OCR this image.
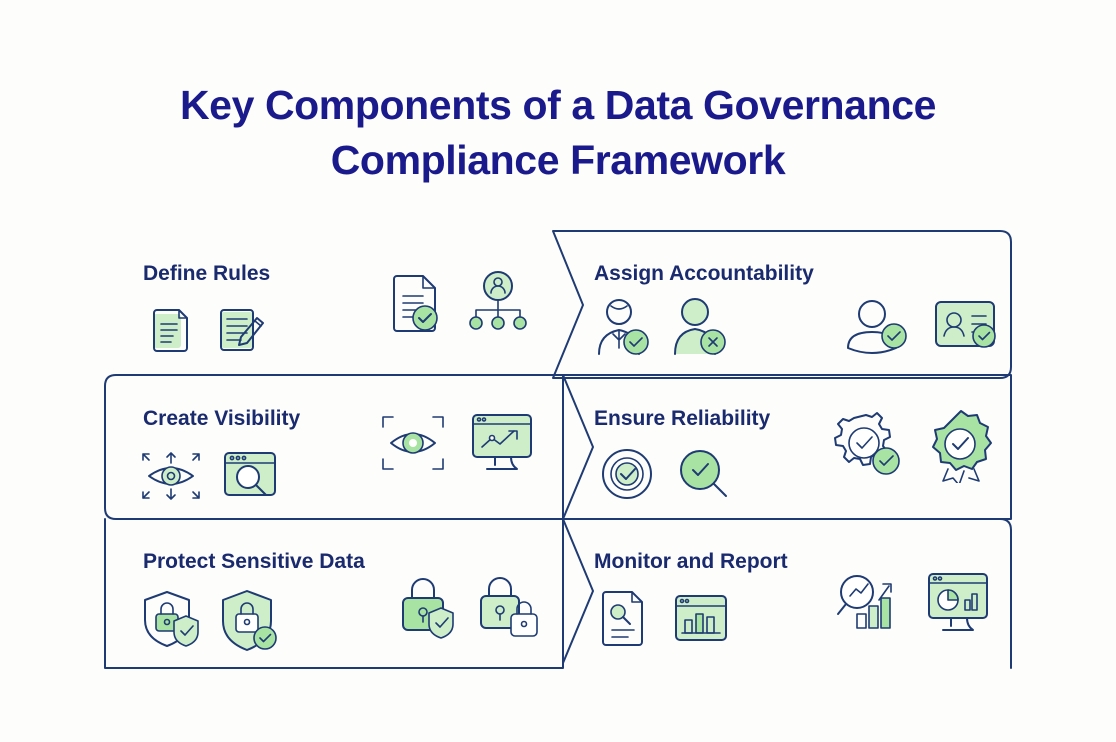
Key Components of a Data Governance
Compliance Framework
Define Rules	Assign Accountability
Create Visibility	Ensure Reliability
Protect Sensitive Data	Monitor and Report
